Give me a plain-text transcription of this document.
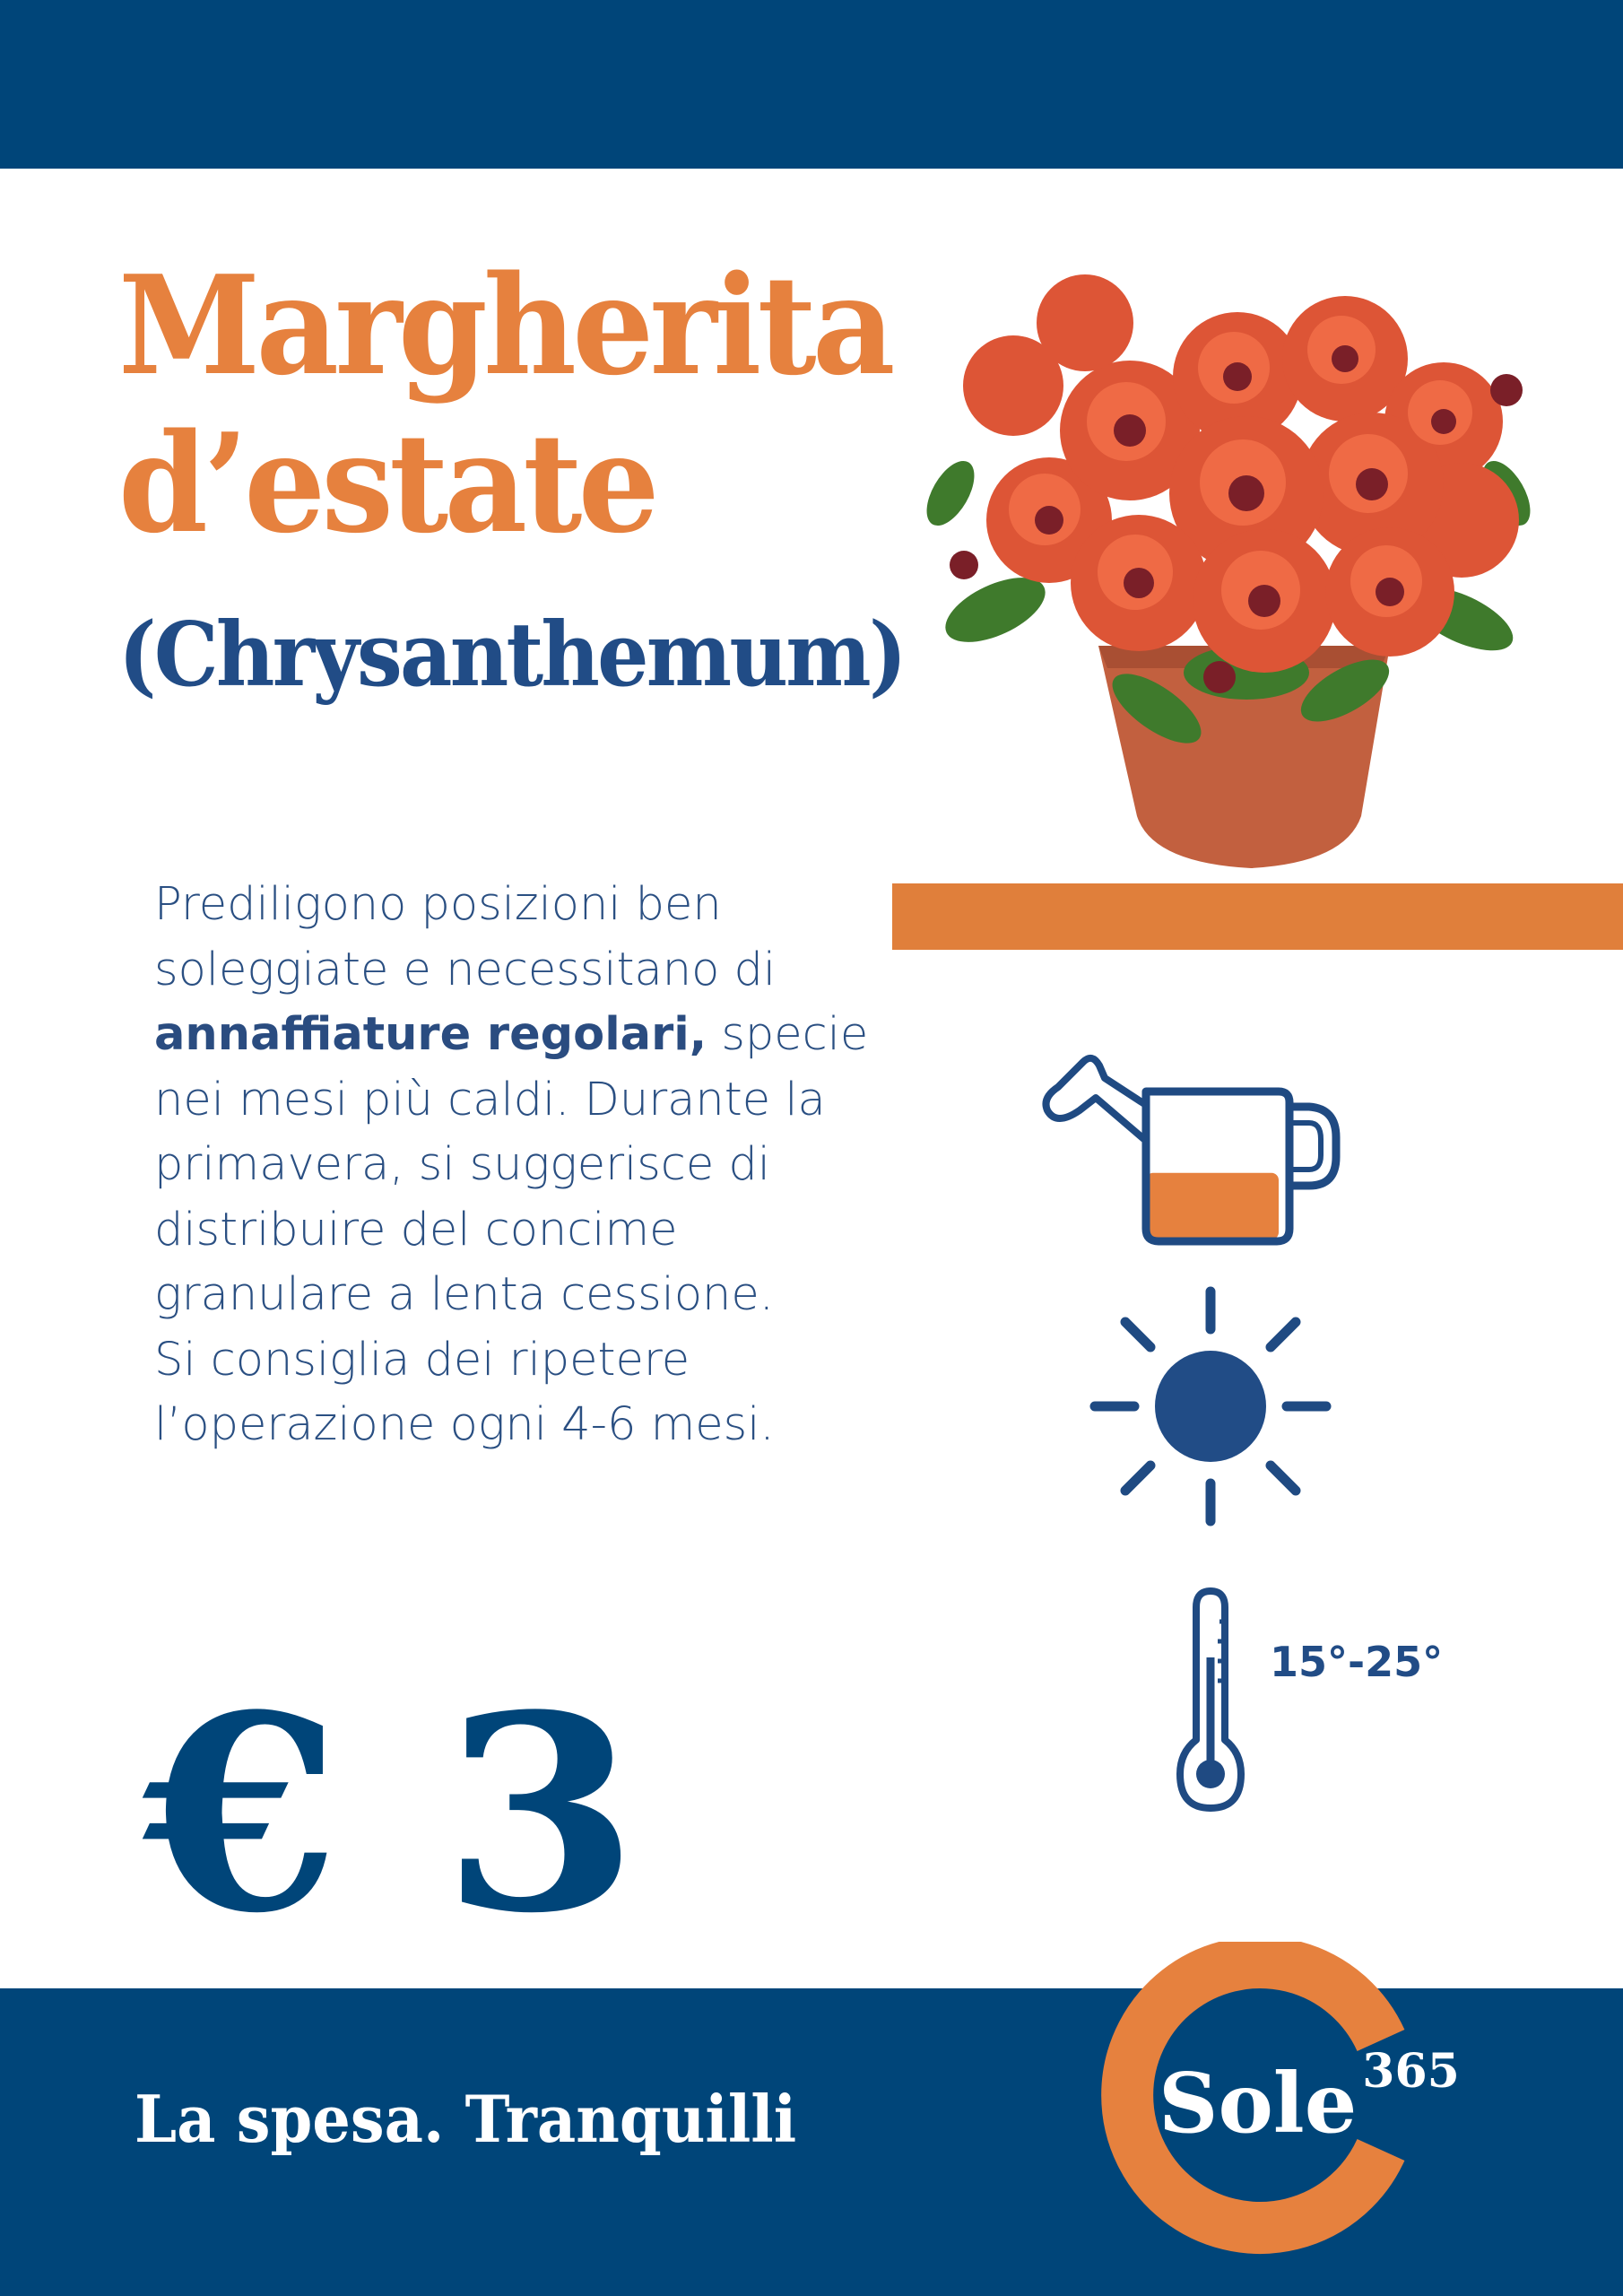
Margherita
d’estate
(Chrysanthemum)

Prediligono posizioni ben

soleggiate e necessitano di

annaffiature regolari, specie

nei mesi più caldi. Durante la

primavera, si suggerisce di

distribuire del concime

granulare a lenta cessione.

Si consiglia dei ripetere

l’operazione ogni 4-6 mesi.

15°-25°

€ 3

La spesa. Tranquilli	Sole $^{365}$
